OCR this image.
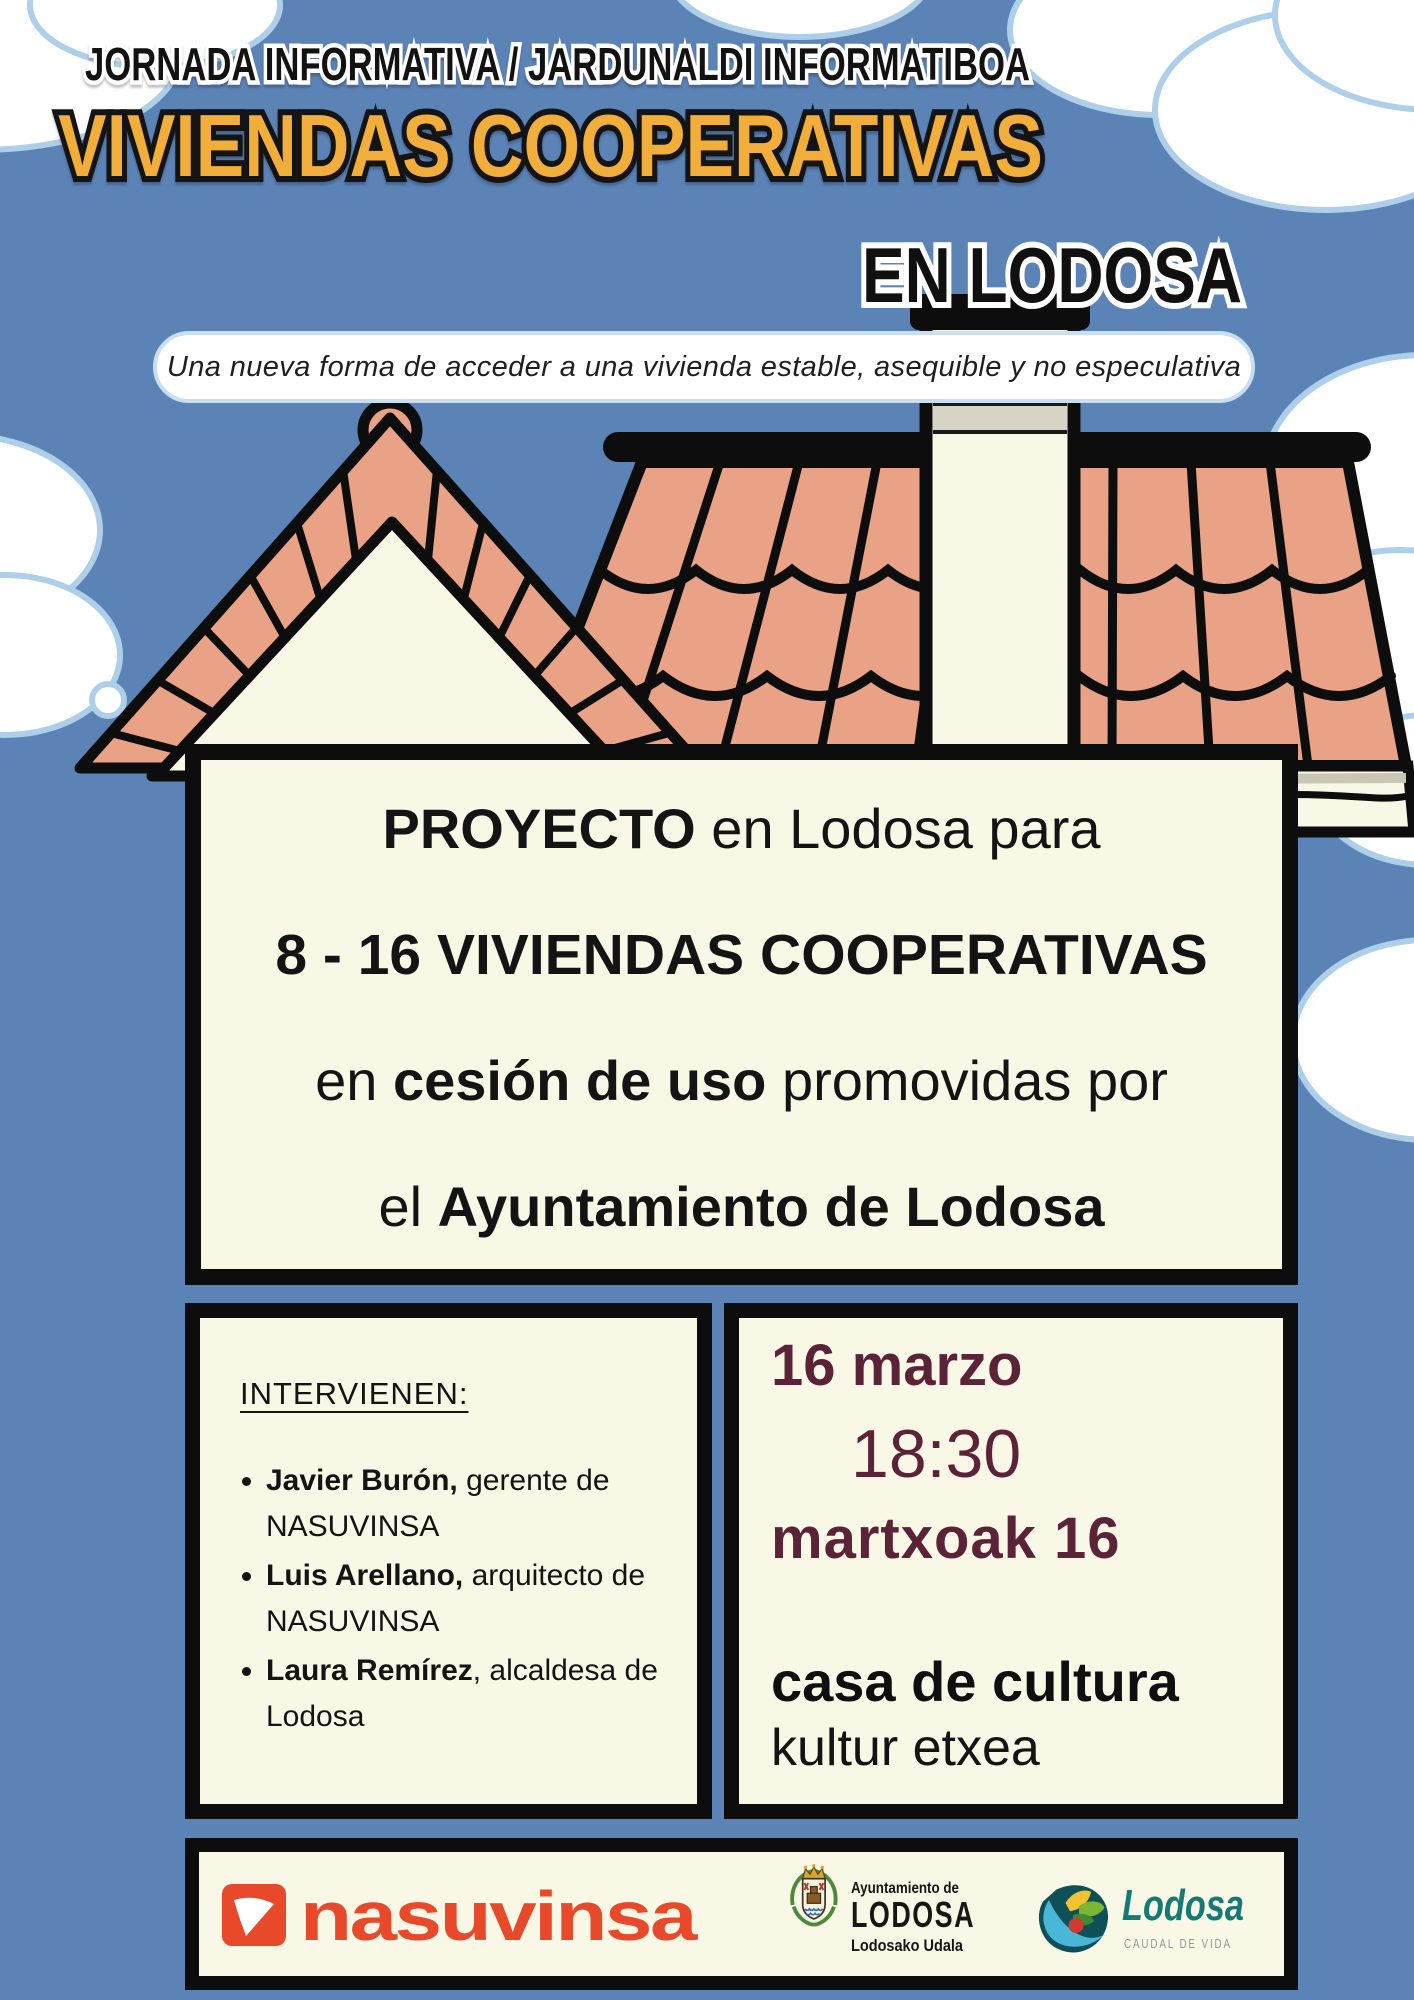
JORNADA INFORMATIVA / JARDUNALDI INFORMATIBOA
VIVIENDAS COOPERATIVAS
EN LODOSA
Una nueva forma de acceder a una vivienda estable, asequible y no especulativa

PROYECTO en Lodosa para

8 - 16 VIVIENDAS COOPERATIVAS

en cesión de uso promovidas por

el Ayuntamiento de Lodosa

INTERVIENEN:

• Javier Burón, gerente de NASUVINSA
• Luis Arellano, arquitecto de NASUVINSA
• Laura Remírez, alcaldesa de Lodosa

16 marzo

18:30

martxoak 16

casa de cultura

kultur etxea

nasuvinsa	Ayuntamiento de
LODOSA
Lodosako Udala
Lodosa
CAUDAL DE VIDA
